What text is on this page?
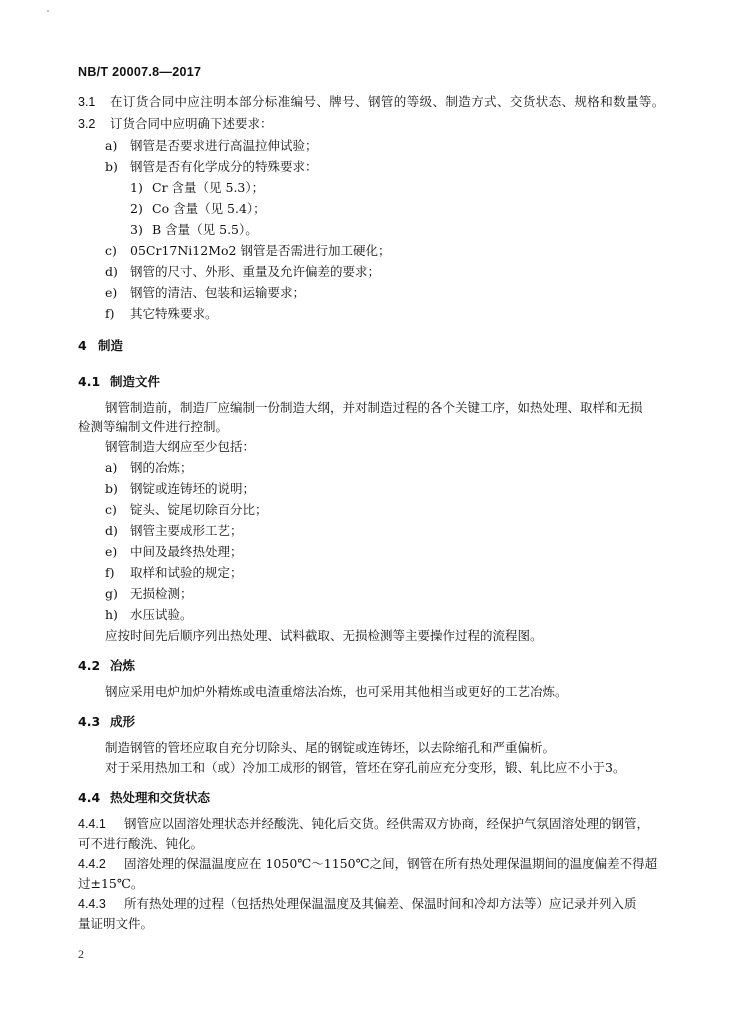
NB/T 20007.8—2017
3.1 在订货合同中应注明本部分标准编号、牌号、钢管的等级、制造方式、交货状态、规格和数量等。
3.2 订货合同中应明确下述要求：
a) 钢管是否要求进行高温拉伸试验；
b) 钢管是否有化学成分的特殊要求：
1) Cr 含量（见 5.3）；
2) Co 含量（见 5.4）；
3) B 含量（见 5.5）。
c) 05Cr17Ni12Mo2 钢管是否需进行加工硬化；
d) 钢管的尺寸、外形、重量及允许偏差的要求；
e) 钢管的清洁、包装和运输要求；
f) 其它特殊要求。
4 制造
4.1 制造文件
钢管制造前，制造厂应编制一份制造大纲，并对制造过程的各个关键工序，如热处理、取样和无损
检测等编制文件进行控制。
钢管制造大纲应至少包括：
a) 钢的冶炼；
b) 钢锭或连铸坯的说明；
c) 锭头、锭尾切除百分比；
d) 钢管主要成形工艺；
e) 中间及最终热处理；
f) 取样和试验的规定；
g) 无损检测；
h) 水压试验。
应按时间先后顺序列出热处理、试料截取、无损检测等主要操作过程的流程图。
4.2 冶炼
钢应采用电炉加炉外精炼或电渣重熔法冶炼，也可采用其他相当或更好的工艺冶炼。
4.3 成形
制造钢管的管坯应取自充分切除头、尾的钢锭或连铸坯，以去除缩孔和严重偏析。
对于采用热加工和（或）冷加工成形的钢管，管坯在穿孔前应充分变形，锻、轧比应不小于3。
4.4 热处理和交货状态
4.4.1 钢管应以固溶处理状态并经酸洗、钝化后交货。经供需双方协商，经保护气氛固溶处理的钢管，
可不进行酸洗、钝化。
4.4.2 固溶处理的保温温度应在 1050℃～1150℃之间，钢管在所有热处理保温期间的温度偏差不得超
过±15℃。
4.4.3 所有热处理的过程（包括热处理保温温度及其偏差、保温时间和冷却方法等）应记录并列入质
量证明文件。
2
